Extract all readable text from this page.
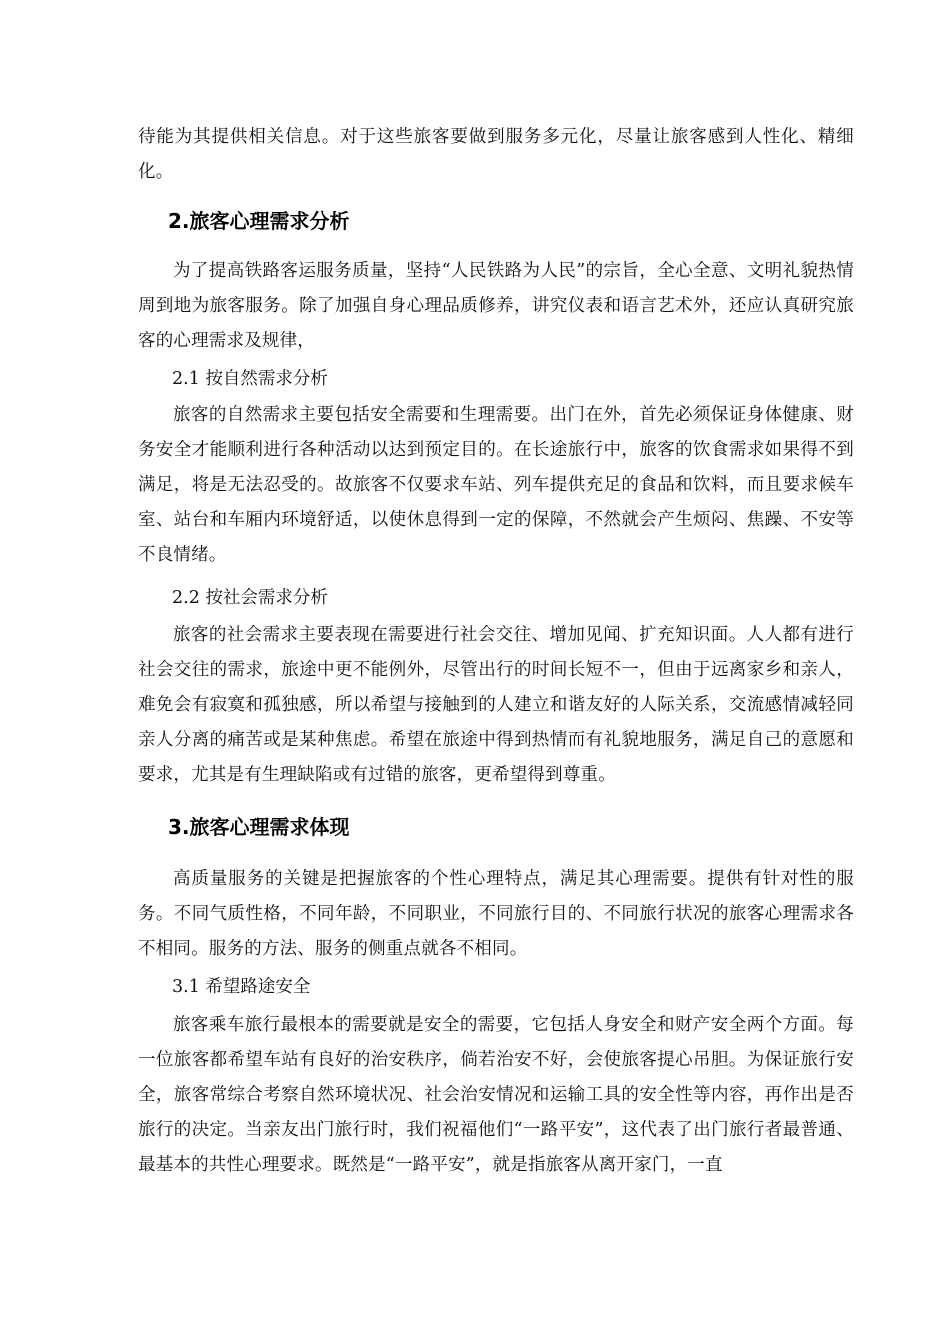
待能为其提供相关信息。对于这些旅客要做到服务多元化，尽量让旅客感到人性化、精细化。

2.旅客心理需求分析

为了提高铁路客运服务质量，坚持“人民铁路为人民”的宗旨，全心全意、文明礼貌热情周到地为旅客服务。除了加强自身心理品质修养，讲究仪表和语言艺术外，还应认真研究旅客的心理需求及规律，

2.1 按自然需求分析

旅客的自然需求主要包括安全需要和生理需要。出门在外，首先必须保证身体健康、财务安全才能顺利进行各种活动以达到预定目的。在长途旅行中，旅客的饮食需求如果得不到满足，将是无法忍受的。故旅客不仅要求车站、列车提供充足的食品和饮料，而且要求候车室、站台和车厢内环境舒适，以使休息得到一定的保障，不然就会产生烦闷、焦躁、不安等不良情绪。

2.2 按社会需求分析

旅客的社会需求主要表现在需要进行社会交往、增加见闻、扩充知识面。人人都有进行社会交往的需求，旅途中更不能例外，尽管出行的时间长短不一，但由于远离家乡和亲人，难免会有寂寞和孤独感，所以希望与接触到的人建立和谐友好的人际关系，交流感情减轻同亲人分离的痛苦或是某种焦虑。希望在旅途中得到热情而有礼貌地服务，满足自己的意愿和要求，尤其是有生理缺陷或有过错的旅客，更希望得到尊重。

3.旅客心理需求体现

高质量服务的关键是把握旅客的个性心理特点，满足其心理需要。提供有针对性的服务。不同气质性格，不同年龄，不同职业，不同旅行目的、不同旅行状况的旅客心理需求各不相同。服务的方法、服务的侧重点就各不相同。

3.1 希望路途安全

旅客乘车旅行最根本的需要就是安全的需要，它包括人身安全和财产安全两个方面。每一位旅客都希望车站有良好的治安秩序，倘若治安不好，会使旅客提心吊胆。为保证旅行安全，旅客常综合考察自然环境状况、社会治安情况和运输工具的安全性等内容，再作出是否旅行的决定。当亲友出门旅行时，我们祝福他们“一路平安”，这代表了出门旅行者最普通、最基本的共性心理要求。既然是“一路平安”，就是指旅客从离开家门，一直
